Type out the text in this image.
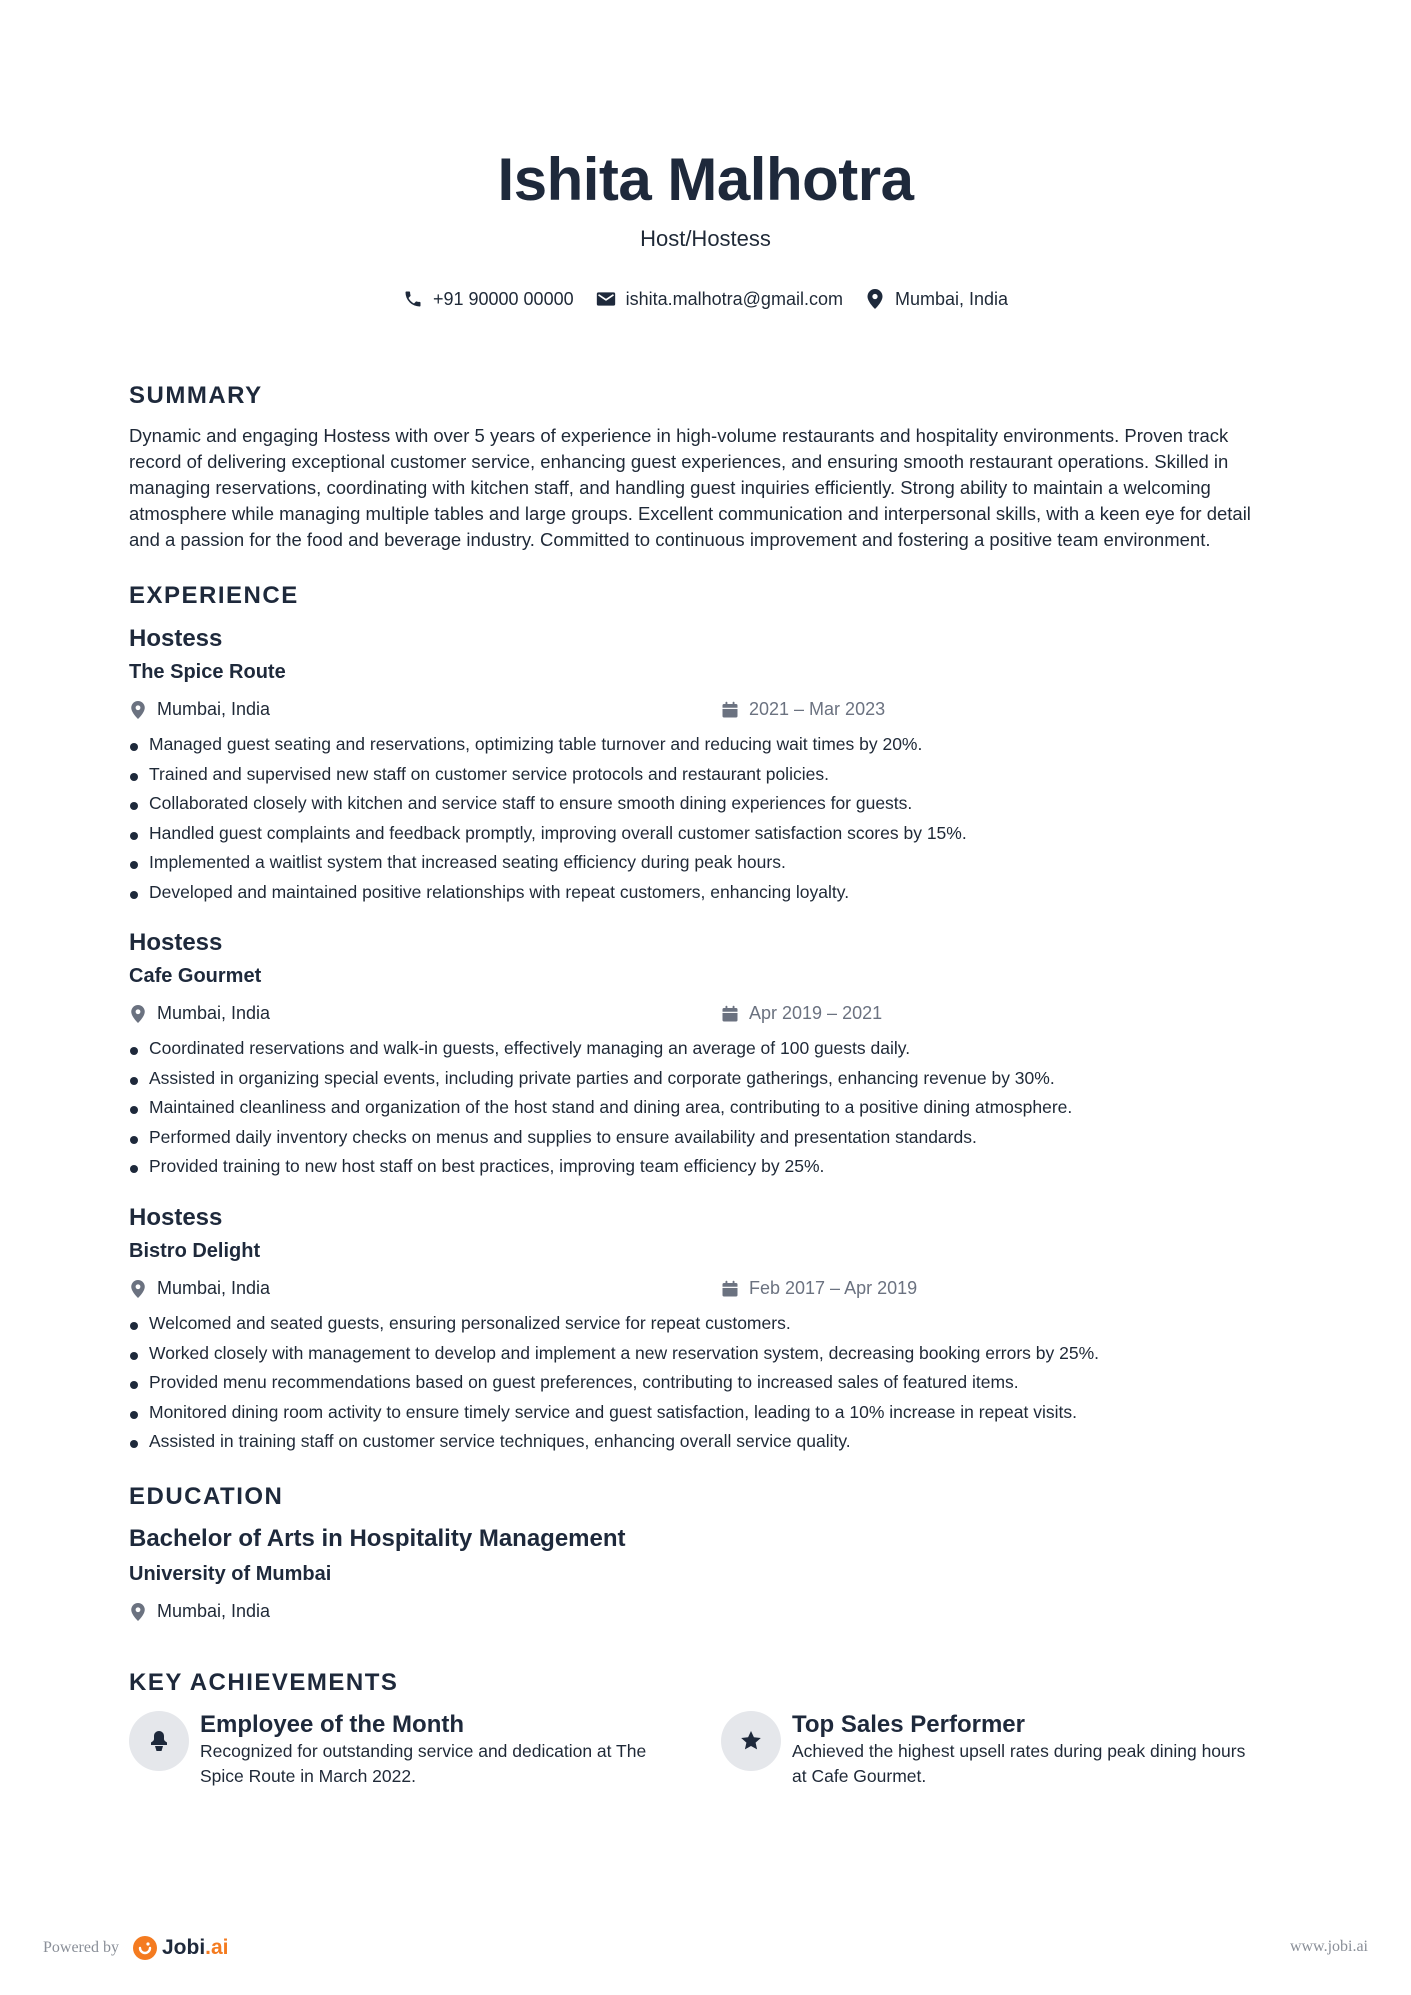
Ishita Malhotra
Host/Hostess
+91 90000 00000	ishita.malhotra@gmail.com	Mumbai, India
SUMMARY
Dynamic and engaging Hostess with over 5 years of experience in high-volume restaurants and hospitality environments. Proven track record of delivering exceptional customer service, enhancing guest experiences, and ensuring smooth restaurant operations. Skilled in managing reservations, coordinating with kitchen staff, and handling guest inquiries efficiently. Strong ability to maintain a welcoming atmosphere while managing multiple tables and large groups. Excellent communication and interpersonal skills, with a keen eye for detail and a passion for the food and beverage industry. Committed to continuous improvement and fostering a positive team environment.
EXPERIENCE
Hostess
The Spice Route
Mumbai, India	2021 – Mar 2023
Managed guest seating and reservations, optimizing table turnover and reducing wait times by 20%.
Trained and supervised new staff on customer service protocols and restaurant policies.
Collaborated closely with kitchen and service staff to ensure smooth dining experiences for guests.
Handled guest complaints and feedback promptly, improving overall customer satisfaction scores by 15%.
Implemented a waitlist system that increased seating efficiency during peak hours.
Developed and maintained positive relationships with repeat customers, enhancing loyalty.
Hostess
Cafe Gourmet
Mumbai, India	Apr 2019 – 2021
Coordinated reservations and walk-in guests, effectively managing an average of 100 guests daily.
Assisted in organizing special events, including private parties and corporate gatherings, enhancing revenue by 30%.
Maintained cleanliness and organization of the host stand and dining area, contributing to a positive dining atmosphere.
Performed daily inventory checks on menus and supplies to ensure availability and presentation standards.
Provided training to new host staff on best practices, improving team efficiency by 25%.
Hostess
Bistro Delight
Mumbai, India	Feb 2017 – Apr 2019
Welcomed and seated guests, ensuring personalized service for repeat customers.
Worked closely with management to develop and implement a new reservation system, decreasing booking errors by 25%.
Provided menu recommendations based on guest preferences, contributing to increased sales of featured items.
Monitored dining room activity to ensure timely service and guest satisfaction, leading to a 10% increase in repeat visits.
Assisted in training staff on customer service techniques, enhancing overall service quality.
EDUCATION
Bachelor of Arts in Hospitality Management
University of Mumbai
Mumbai, India
KEY ACHIEVEMENTS
Employee of the Month
Recognized for outstanding service and dedication at The Spice Route in March 2022.
Top Sales Performer
Achieved the highest upsell rates during peak dining hours at Cafe Gourmet.
Powered by Jobi.ai	www.jobi.ai
